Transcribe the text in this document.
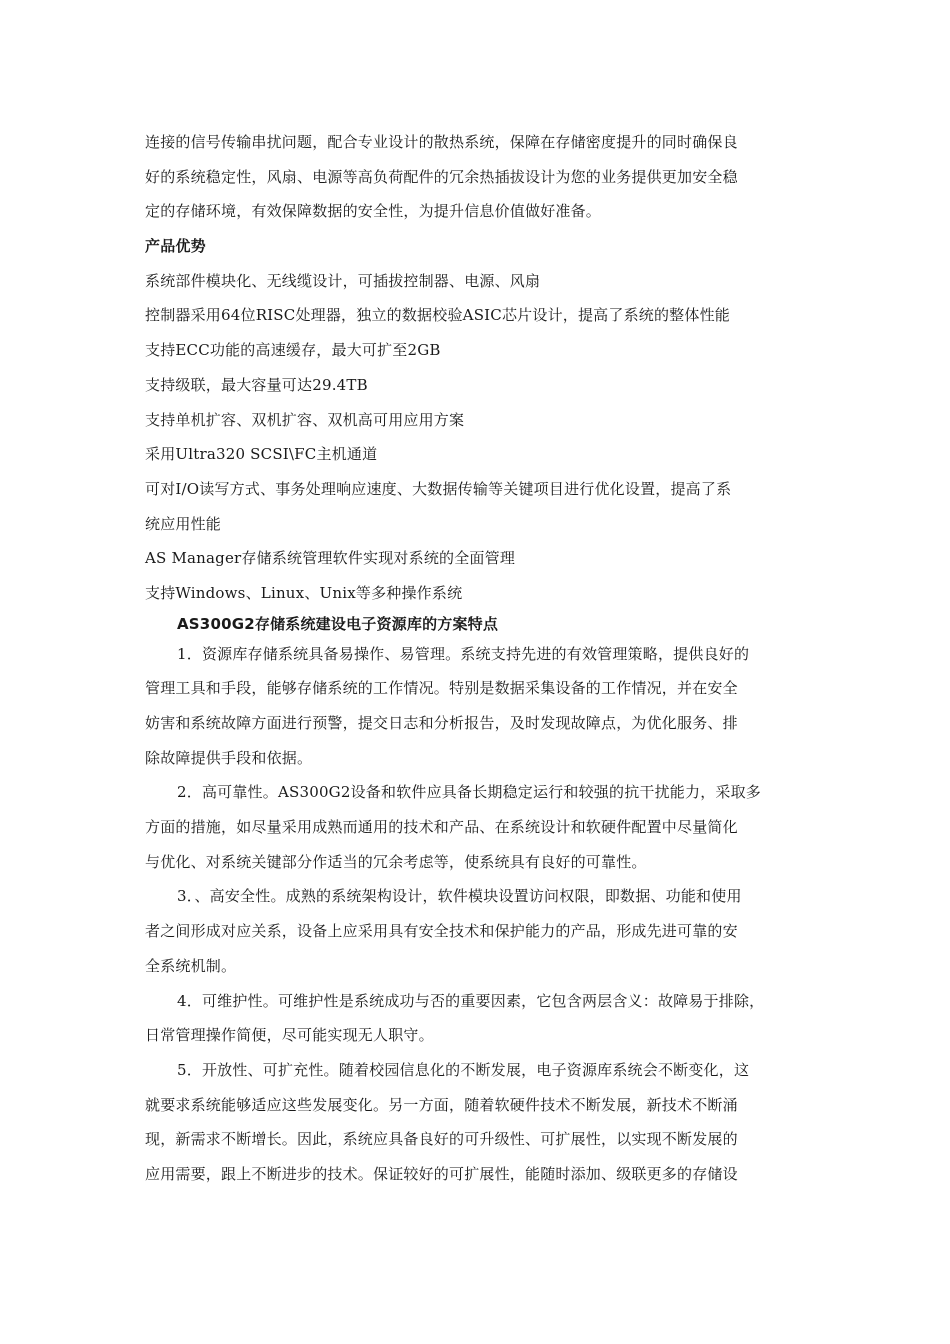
连接的信号传输串扰问题，配合专业设计的散热系统，保障在存储密度提升的同时确保良
好的系统稳定性，风扇、电源等高负荷配件的冗余热插拔设计为您的业务提供更加安全稳
定的存储环境，有效保障数据的安全性，为提升信息价值做好准备。
产品优势
系统部件模块化、无线缆设计，可插拔控制器、电源、风扇
控制器采用64位RISC处理器，独立的数据校验ASIC芯片设计，提高了系统的整体性能
支持ECC功能的高速缓存，最大可扩至2GB
支持级联，最大容量可达29.4TB
支持单机扩容、双机扩容、双机高可用应用方案
采用Ultra320 SCSI\FC主机通道
可对I/O读写方式、事务处理响应速度、大数据传输等关键项目进行优化设置，提高了系
统应用性能
AS Manager存储系统管理软件实现对系统的全面管理
支持Windows、Linux、Unix等多种操作系统
AS300G2存储系统建设电子资源库的方案特点
1．资源库存储系统具备易操作、易管理。系统支持先进的有效管理策略，提供良好的
管理工具和手段，能够存储系统的工作情况。特别是数据采集设备的工作情况，并在安全
妨害和系统故障方面进行预警，提交日志和分析报告，及时发现故障点，为优化服务、排
除故障提供手段和依据。
2．高可靠性。AS300G2设备和软件应具备长期稳定运行和较强的抗干扰能力，采取多
方面的措施，如尽量采用成熟而通用的技术和产品、在系统设计和软硬件配置中尽量简化
与优化、对系统关键部分作适当的冗余考虑等，使系统具有良好的可靠性。
3．、高安全性。成熟的系统架构设计，软件模块设置访问权限，即数据、功能和使用
者之间形成对应关系，设备上应采用具有安全技术和保护能力的产品，形成先进可靠的安
全系统机制。
4．可维护性。可维护性是系统成功与否的重要因素，它包含两层含义：故障易于排除，
日常管理操作简便，尽可能实现无人职守。
5．开放性、可扩充性。随着校园信息化的不断发展，电子资源库系统会不断变化，这
就要求系统能够适应这些发展变化。另一方面，随着软硬件技术不断发展，新技术不断涌
现，新需求不断增长。因此，系统应具备良好的可升级性、可扩展性，以实现不断发展的
应用需要，跟上不断进步的技术。保证较好的可扩展性，能随时添加、级联更多的存储设
